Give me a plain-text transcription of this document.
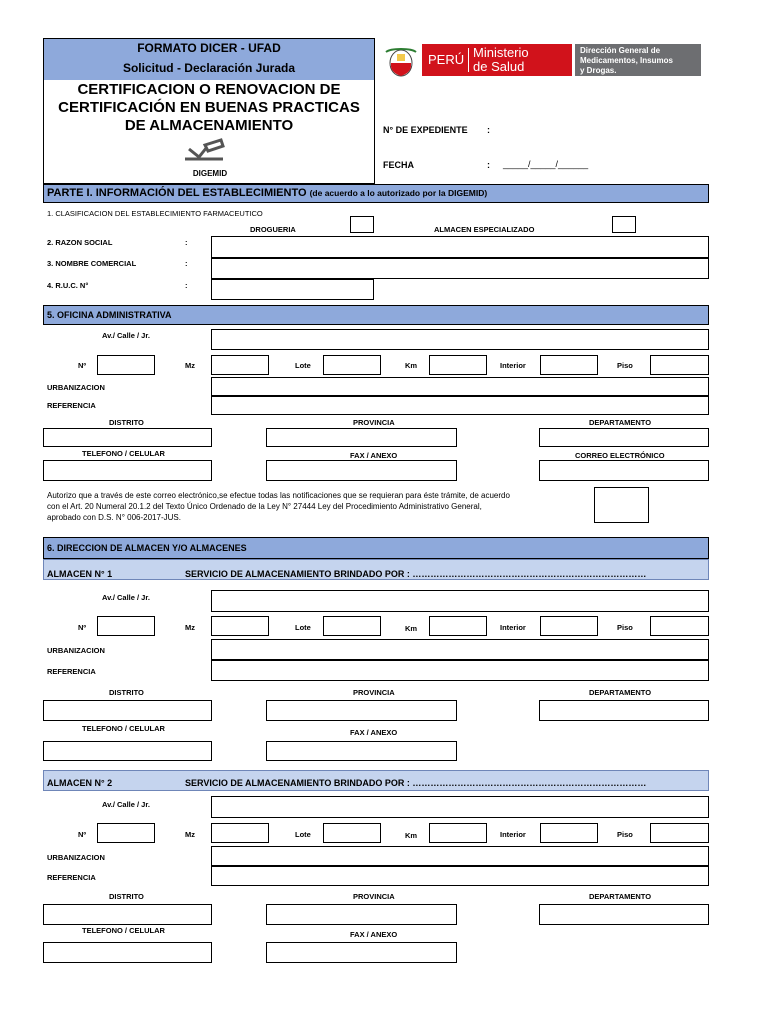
FORMATO DICER - UFAD
Solicitud - Declaración Jurada
CERTIFICACION O RENOVACION DE
CERTIFICACIÓN EN BUENAS PRACTICAS
DE ALMACENAMIENTO
DIGEMID
PERÚ Ministerio
de Salud
Dirección General de
Medicamentos, Insumos
y Drogas.
N° DE EXPEDIENTE :
FECHA	: _____/_____/______
PARTE I. INFORMACIÓN DEL ESTABLECIMIENTO (de acuerdo a lo autorizado por la DIGEMID)
1. CLASIFICACION DEL ESTABLECIMIENTO FARMACEUTICO
DROGUERIA	ALMACEN ESPECIALIZADO
2. RAZON SOCIAL	:
3. NOMBRE COMERCIAL	:
4. R.U.C. N°	:
5. OFICINA ADMINISTRATIVA
Av./ Calle / Jr.
Nº	Mz	Lote	Km	Interior	Piso
URBANIZACION
REFERENCIA
DISTRITO	PROVINCIA	DEPARTAMENTO
TELEFONO / CELULAR	FAX / ANEXO	CORREO ELECTRÓNICO
Autorizo que a través de este correo electrónico,se efectue todas las notificaciones que se requieran para éste trámite, de acuerdo
con el Art. 20 Numeral 20.1.2 del Texto Único Ordenado de la Ley N° 27444 Ley del Procedimiento Administrativo General,
aprobado con D.S. N° 006-2017-JUS.
6. DIRECCION DE ALMACEN Y/O ALMACENES
ALMACEN N° 1	SERVICIO DE ALMACENAMIENTO BRINDADO POR : ……………………………………………………………………
Av./ Calle / Jr.
Nº	Mz	Lote	Km	Interior	Piso
URBANIZACION
REFERENCIA
DISTRITO	PROVINCIA	DEPARTAMENTO
TELEFONO / CELULAR	FAX / ANEXO
ALMACEN N° 2	SERVICIO DE ALMACENAMIENTO BRINDADO POR : ……………………………………………………………………
Av./ Calle / Jr.
Nº	Mz	Lote	Km	Interior	Piso
URBANIZACION
REFERENCIA
DISTRITO	PROVINCIA	DEPARTAMENTO
TELEFONO / CELULAR	FAX / ANEXO
